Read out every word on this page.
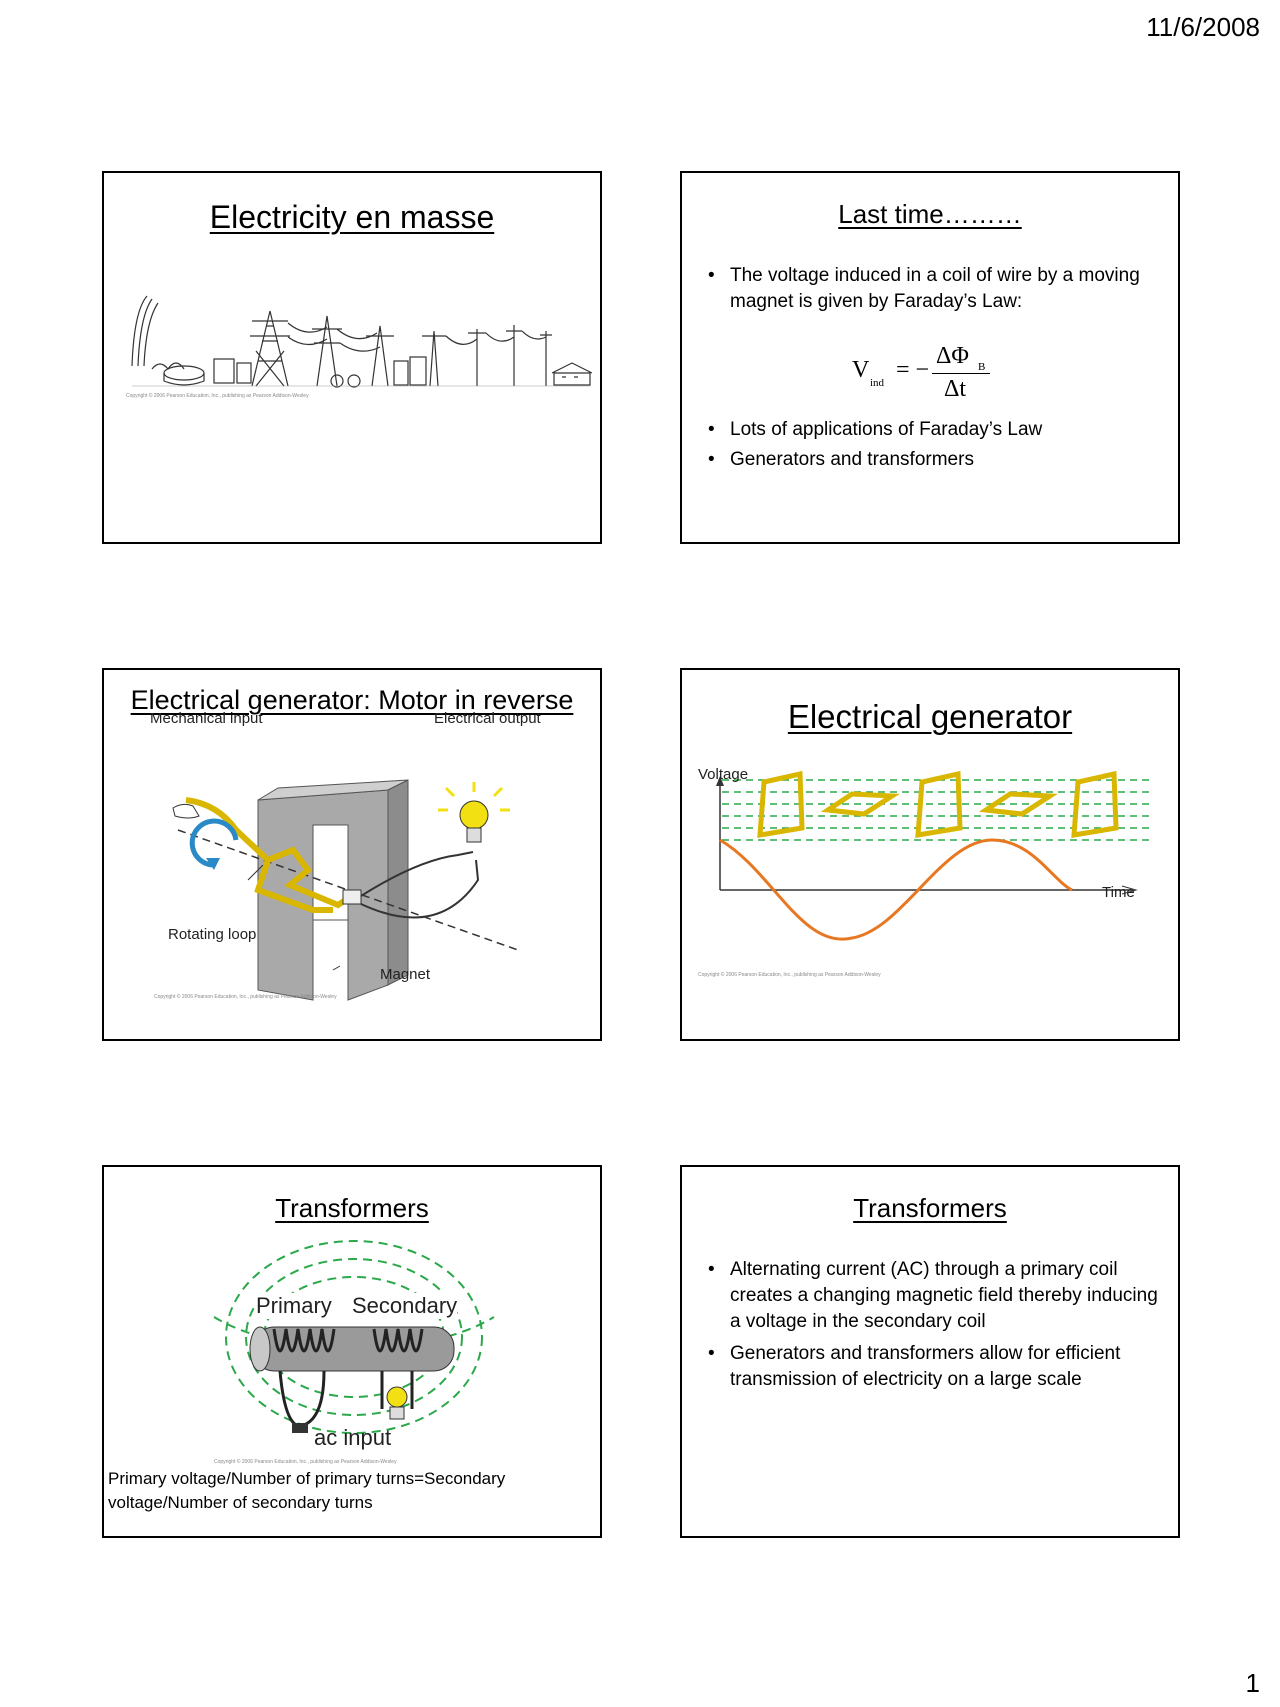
11/6/2008
Electricity en masse
Copyright © 2006 Pearson Education, Inc., publishing as Pearson Addison-Wesley
Last time………
• The voltage induced in a coil of wire by a moving magnet is given by Faraday’s Law:
V ind = −
ΔΦ B
Δt
• Lots of applications of Faraday’s Law
• Generators and transformers
Electrical generator: Motor in reverse
Mechanical input	Electrical output
Rotating loop
Magnet
Copyright © 2006 Pearson Education, Inc., publishing as Pearson Addison-Wesley
Electrical generator
Voltage
Time
Copyright © 2006 Pearson Education, Inc., publishing as Pearson Addison-Wesley
Transformers
Primary Secondary
ac input
Copyright © 2006 Pearson Education, Inc., publishing as Pearson Addison-Wesley
Primary voltage/Number of primary turns=Secondary voltage/Number of secondary turns
Transformers
• Alternating current (AC) through a primary coil creates a changing magnetic field thereby inducing a voltage in the secondary coil
• Generators and transformers allow for efficient transmission of electricity on a large scale
1
